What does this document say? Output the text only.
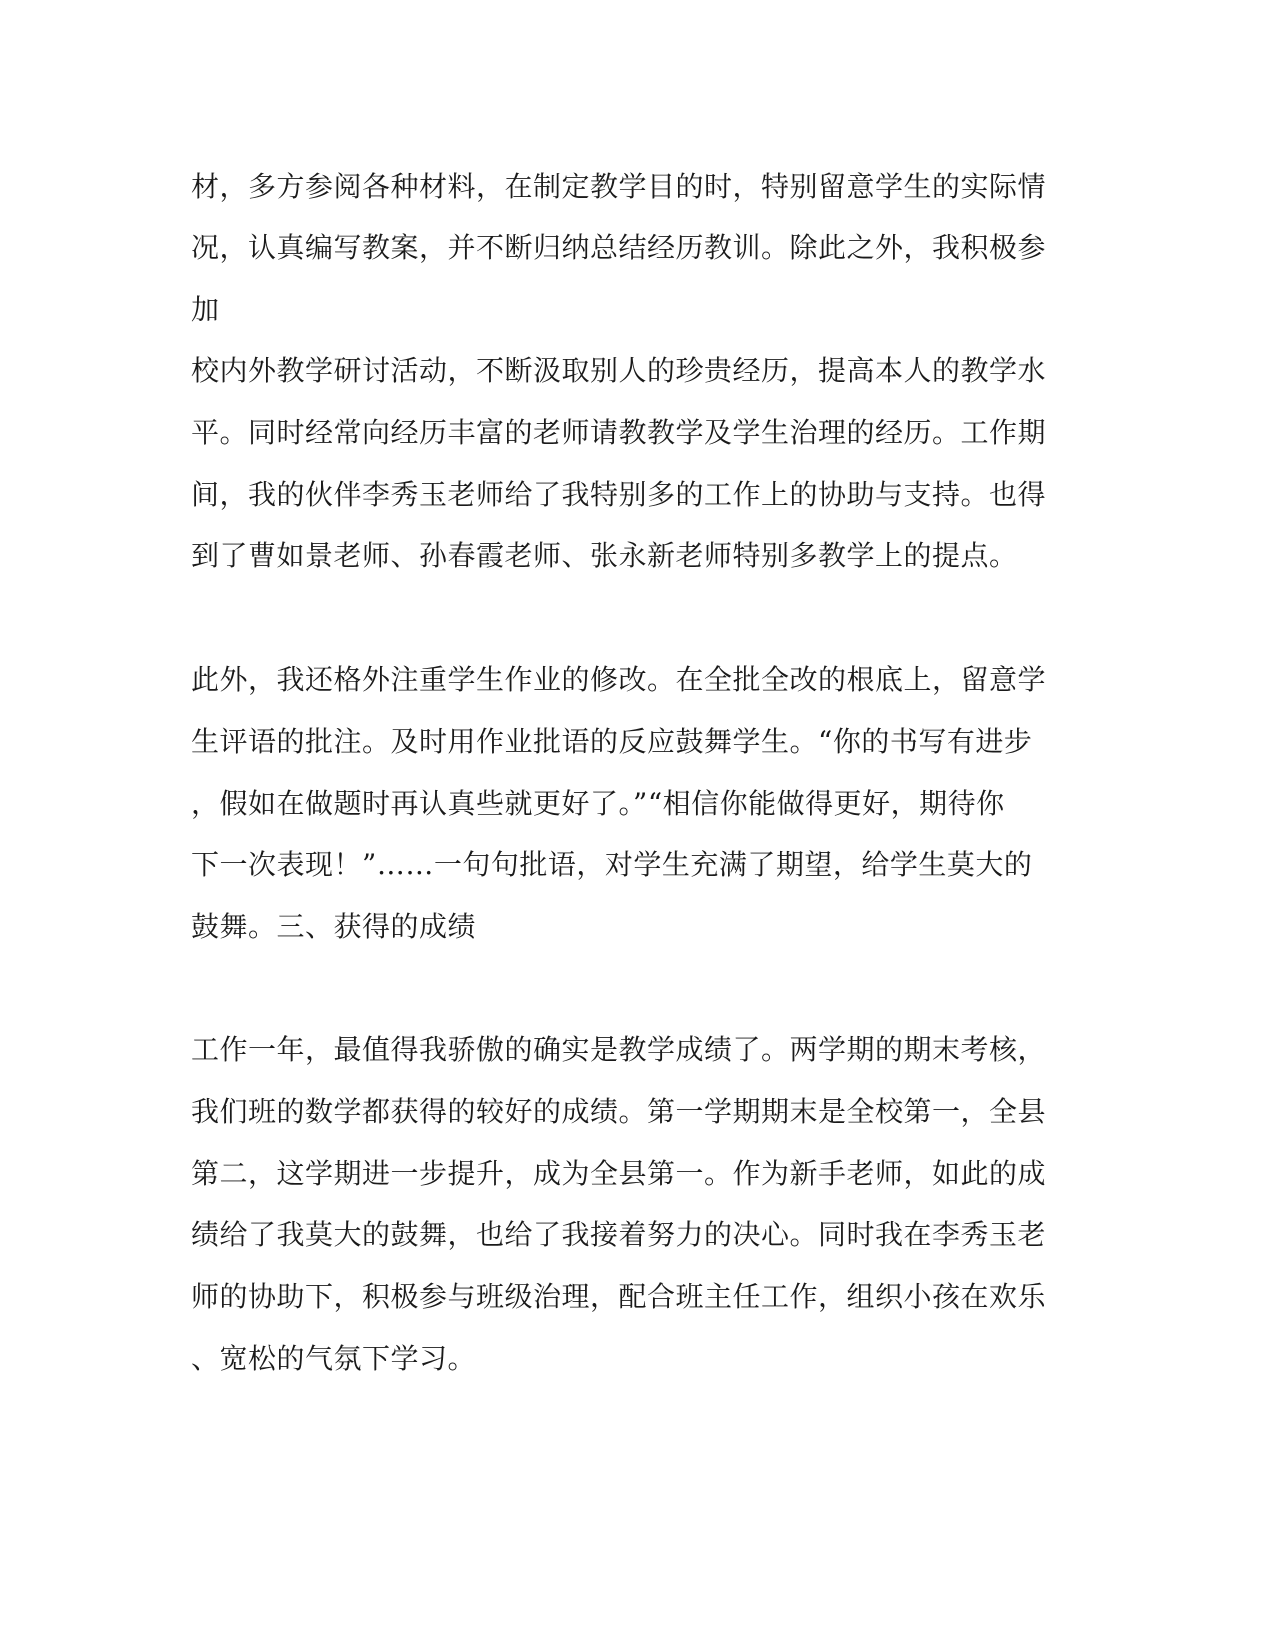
材，多方参阅各种材料，在制定教学目的时，特别留意学生的实际情
况，认真编写教案，并不断归纳总结经历教训。除此之外，我积极参
加
校内外教学研讨活动，不断汲取别人的珍贵经历，提高本人的教学水
平。同时经常向经历丰富的老师请教教学及学生治理的经历。工作期
间，我的伙伴李秀玉老师给了我特别多的工作上的协助与支持。也得
到了曹如景老师、孙春霞老师、张永新老师特别多教学上的提点。
此外，我还格外注重学生作业的修改。在全批全改的根底上，留意学
生评语的批注。及时用作业批语的反应鼓舞学生。“你的书写有进步
，假如在做题时再认真些就更好了。”“相信你能做得更好，期待你
下一次表现！”……一句句批语，对学生充满了期望，给学生莫大的
鼓舞。三、获得的成绩
工作一年，最值得我骄傲的确实是教学成绩了。两学期的期末考核，
我们班的数学都获得的较好的成绩。第一学期期末是全校第一，全县
第二，这学期进一步提升，成为全县第一。作为新手老师，如此的成
绩给了我莫大的鼓舞，也给了我接着努力的决心。同时我在李秀玉老
师的协助下，积极参与班级治理，配合班主任工作，组织小孩在欢乐
、宽松的气氛下学习。
